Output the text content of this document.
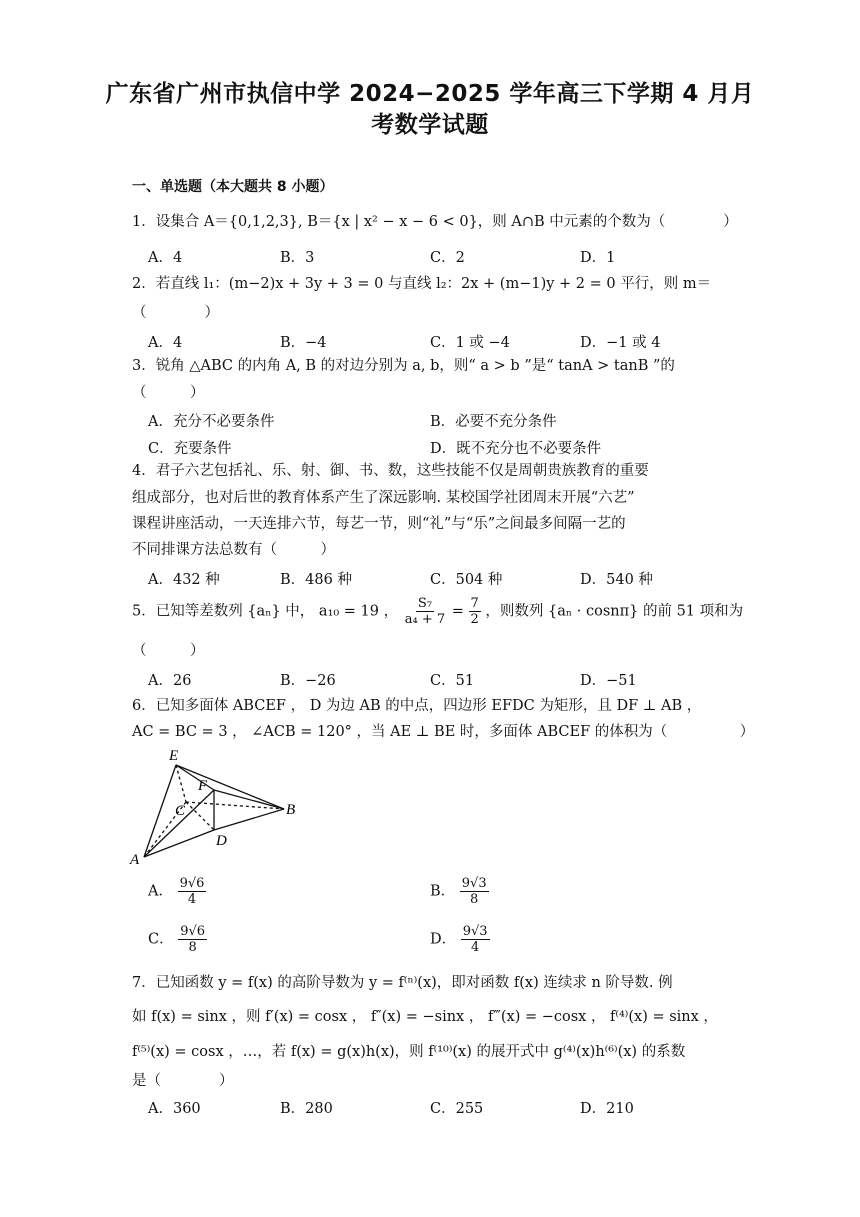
广东省广州市执信中学 2024−2025 学年高三下学期 4 月月
考数学试题
一、单选题（本大题共 8 小题）
1．设集合 A＝{0,1,2,3}, B＝{x | x² − x − 6 < 0}，则 A∩B 中元素的个数为（　　　　）
A．4	B．3	C．2	D．1
2．若直线 l₁：(m−2)x + 3y + 3 = 0 与直线 l₂：2x + (m−1)y + 2 = 0 平行，则 m＝
（　　　　）
A．4	B．−4	C．1 或 −4	D．−1 或 4
3．锐角 △ABC 的内角 A, B 的对边分别为 a, b，则“ a > b ”是“ tanA > tanB ”的
（　　　）
A．充分不必要条件	B．必要不充分条件
C．充要条件	D．既不充分也不必要条件
4．君子六艺包括礼、乐、射、御、书、数，这些技能不仅是周朝贵族教育的重要
组成部分，也对后世的教育体系产生了深远影响. 某校国学社团周末开展“六艺”
课程讲座活动，一天连排六节，每艺一节，则“礼”与“乐”之间最多间隔一艺的
不同排课方法总数有（　　　）
A．432 种	B．486 种	C．504 种	D．540 种
5．已知等差数列 {aₙ} 中， a₁₀ = 19 ， $\frac{\text{S₇}}{\text{a₄ + 7}} = \frac{7}{2}$ ，则数列 {aₙ · cosnπ} 的前 51 项和为
（　　　）
A．26	B．−26	C．51	D．−51
6．已知多面体 ABCEF ， D 为边 AB 的中点，四边形 EFDC 为矩形，且 DF ⊥ AB ，
AC = BC = 3 ， ∠ACB = 120° ，当 AE ⊥ BE 时，多面体 ABCEF 的体积为（　　　　　）
E
F
C	B
D
A
A． $\frac{9√6}{4}$	B． $\frac{9√3}{8}$
C． $\frac{9√6}{8}$	D． $\frac{9√3}{4}$
7．已知函数 y = f(x) 的高阶导数为 y = f⁽ⁿ⁾(x)，即对函数 f(x) 连续求 n 阶导数. 例
如 f(x) = sinx ，则 f′(x) = cosx ， f″(x) = −sinx ， f‴(x) = −cosx ， f⁽⁴⁾(x) = sinx ，
f⁽⁵⁾(x) = cosx ，…，若 f(x) = g(x)h(x)，则 f⁽¹⁰⁾(x) 的展开式中 g⁽⁴⁾(x)h⁽⁶⁾(x) 的系数
是（　　　　）
A．360	B．280	C．255	D．210
